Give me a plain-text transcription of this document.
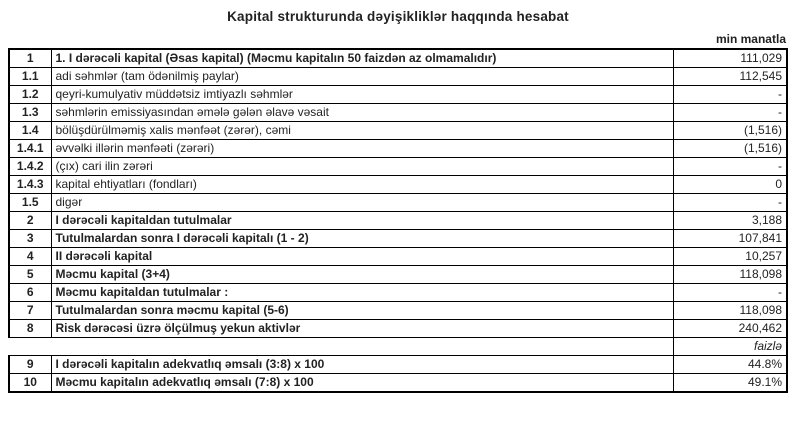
Kapital strukturunda dəyişikliklər haqqında hesabat
min manatla
1	1. I dərəcəli kapital (Əsas kapital) (Məcmu kapitalın 50 faizdən az olmamalıdır)	111,029
1.1	adi səhmlər (tam ödənilmiş paylar)	112,545
1.2	qeyri-kumulyativ müddətsiz imtiyazlı səhmlər	-
1.3	səhmlərin emissiyasından əmələ gələn əlavə vəsait	-
1.4	bölüşdürülməmiş xalis mənfəət (zərər), cəmi	(1,516)
1.4.1	əvvəlki illərin mənfəəti (zərəri)	(1,516)
1.4.2	(çıx) cari ilin zərəri	-
1.4.3	kapital ehtiyatları (fondları)	0
1.5	digər	-
2	I dərəcəli kapitaldan tutulmalar	3,188
3	Tutulmalardan sonra I dərəcəli kapitalı (1 - 2)	107,841
4	II dərəcəli kapital	10,257
5	Məcmu kapital (3+4)	118,098
6	Məcmu kapitaldan tutulmalar :	-
7	Tutulmalardan sonra məcmu kapital (5-6)	118,098
8	Risk dərəcəsi üzrə ölçülmuş yekun aktivlər	240,462
		faizlə
9	I dərəcəli kapitalın adekvatlıq əmsalı (3:8) x 100	44.8%
10	Məcmu kapitalın adekvatlıq əmsalı (7:8) x 100	49.1%
